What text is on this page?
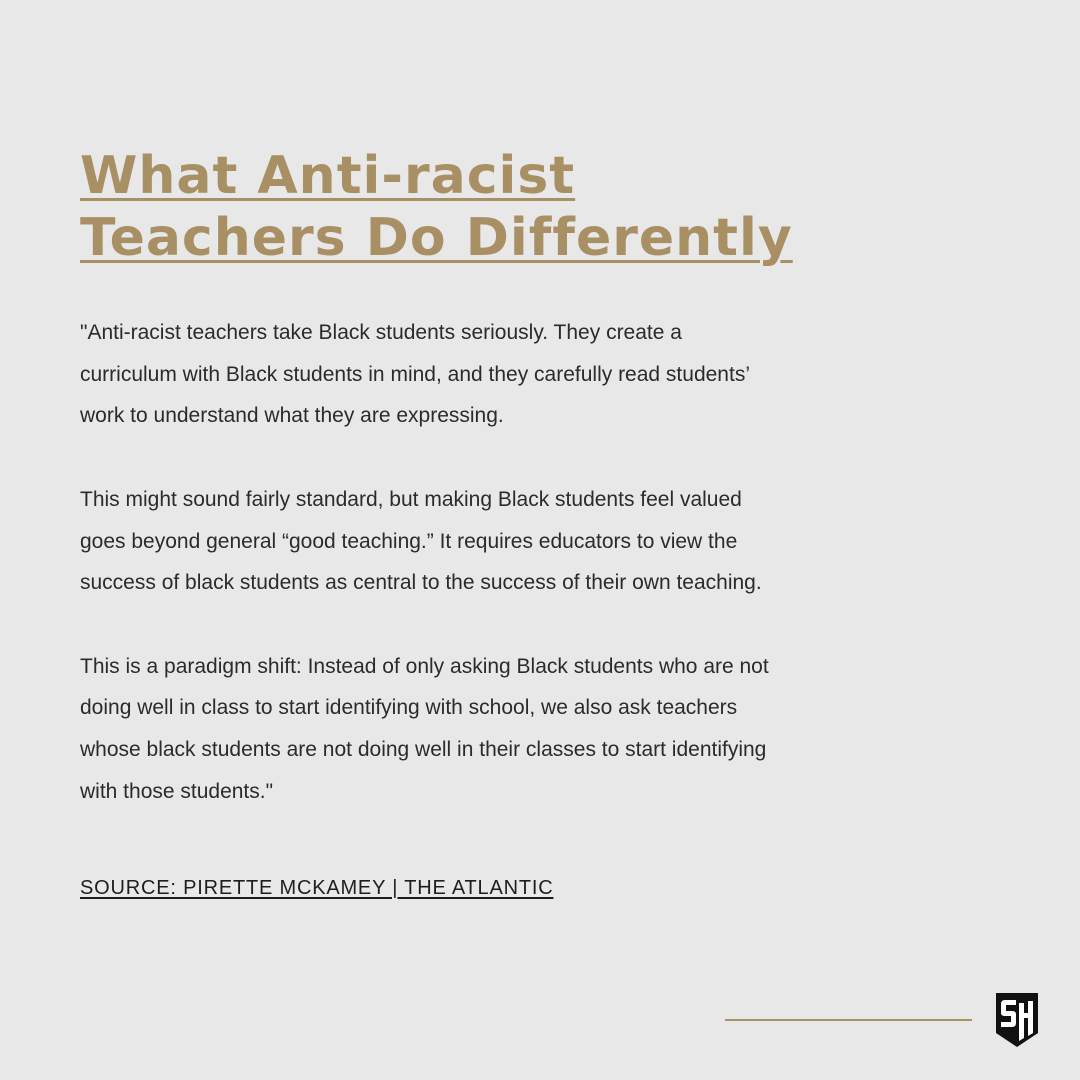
What Anti-racist
Teachers Do Differently

"Anti-racist teachers take Black students seriously. They create a
curriculum with Black students in mind, and they carefully read students’
work to understand what they are expressing.

This might sound fairly standard, but making Black students feel valued
goes beyond general “good teaching.” It requires educators to view the
success of black students as central to the success of their own teaching.

This is a paradigm shift: Instead of only asking Black students who are not
doing well in class to start identifying with school, we also ask teachers
whose black students are not doing well in their classes to start identifying
with those students."

SOURCE: PIRETTE MCKAMEY | THE ATLANTIC
